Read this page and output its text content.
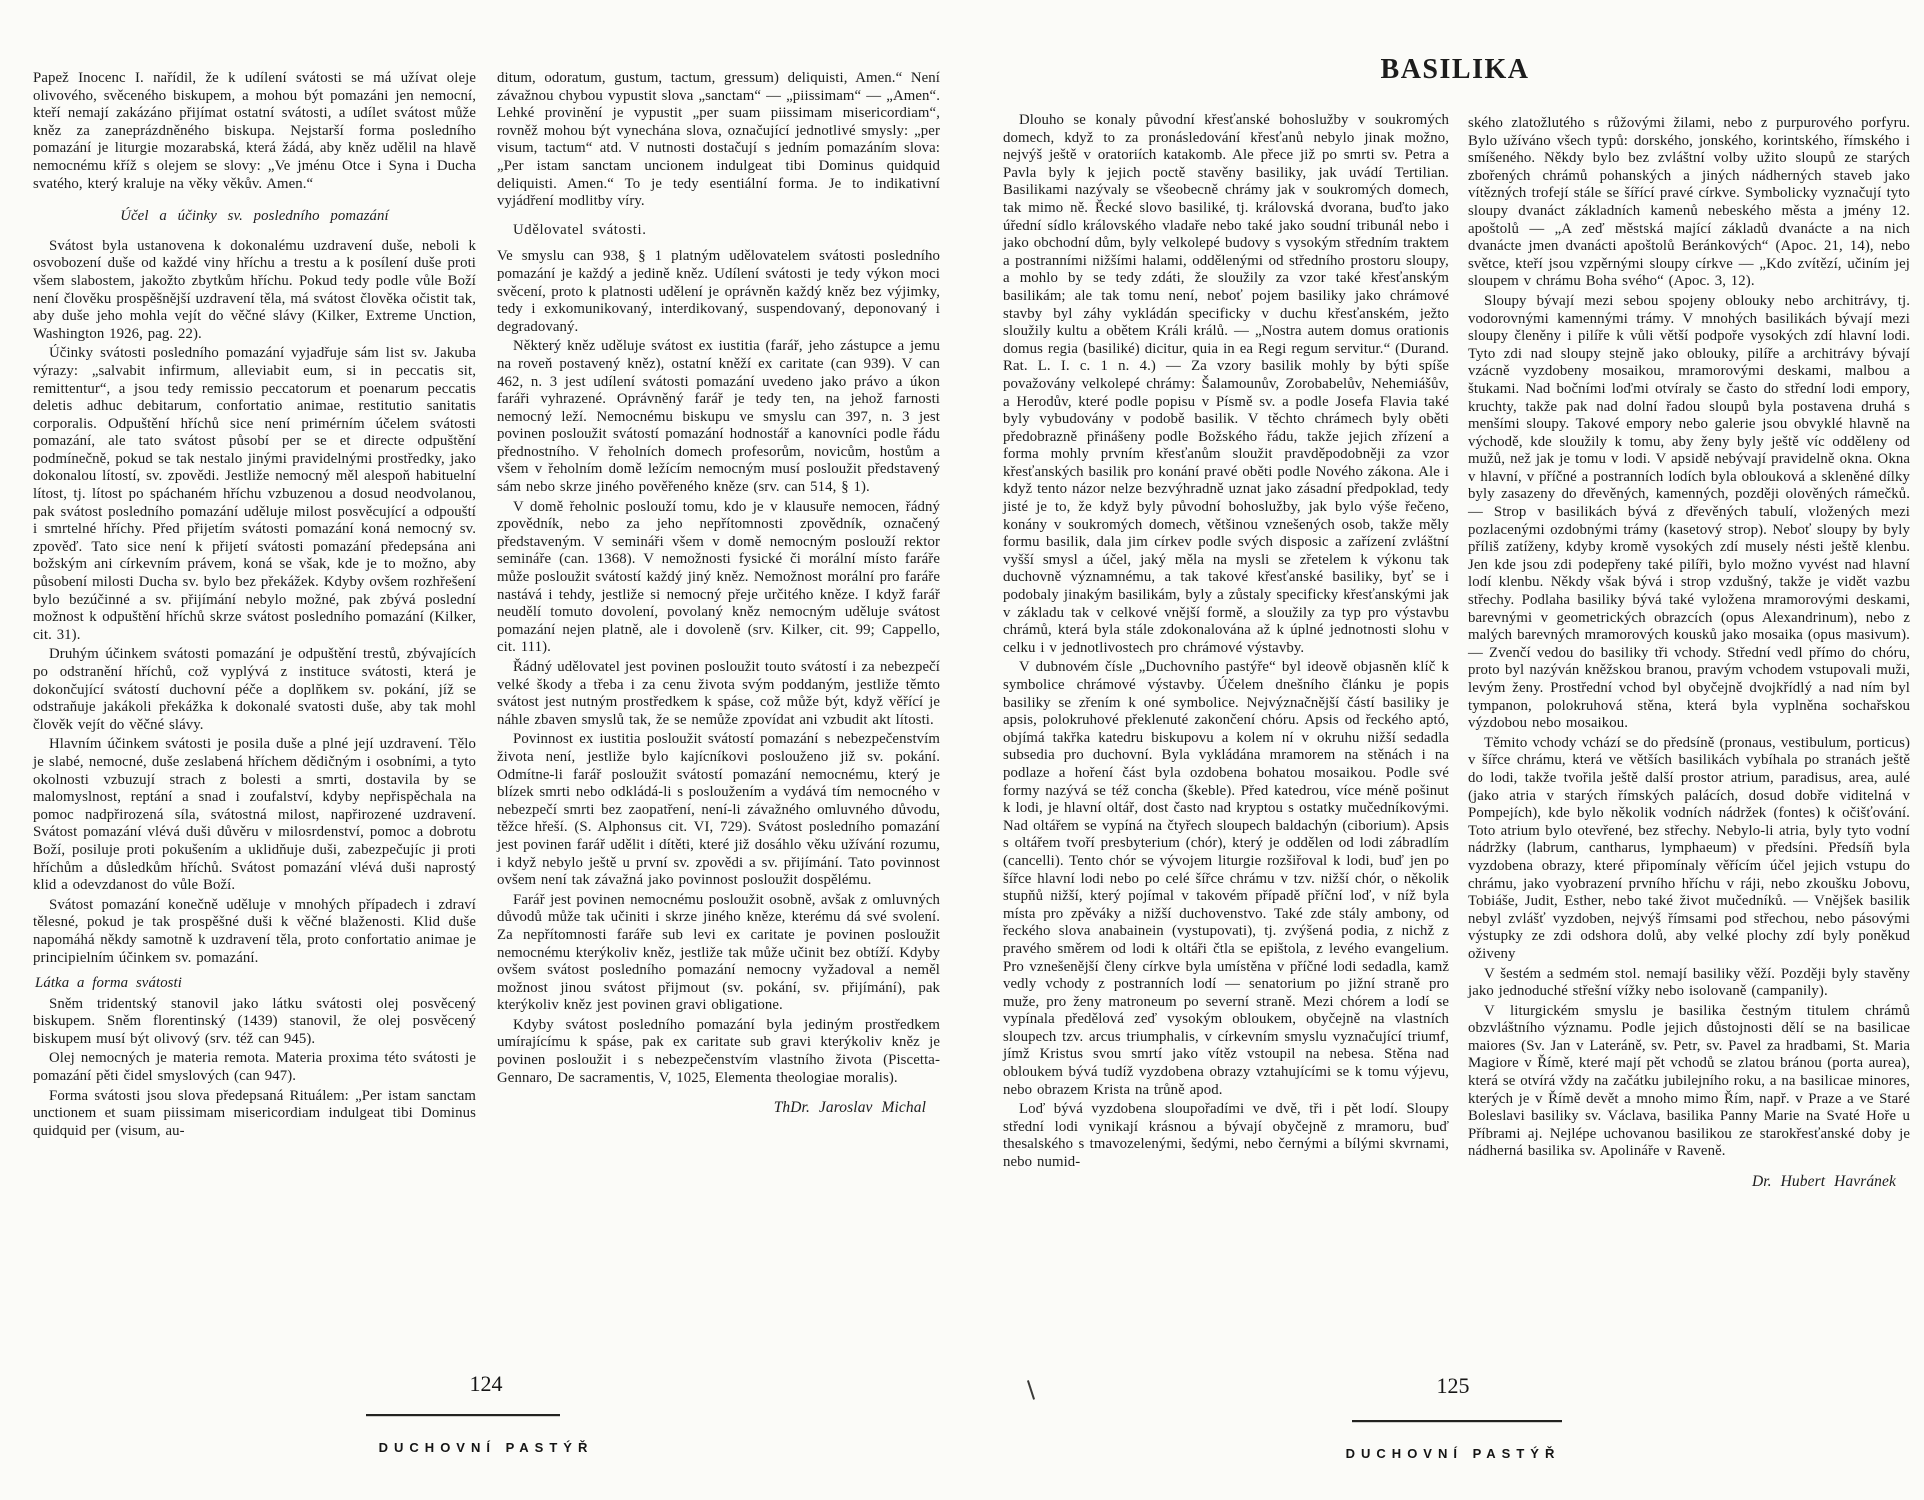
Papež Inocenc I. nařídil, že k udílení svátosti se má užívat oleje olivového, svěceného biskupem, a mohou být pomazáni jen nemocní, kteří nemají zakázáno přijímat ostatní svátosti, a udílet svátost může kněz za zaneprázdněného biskupa. Nejstarší forma posledního pomazání je liturgie mozarabská, která žádá, aby kněz udělil na hlavě nemocnému kříž s olejem se slovy: „Ve jménu Otce i Syna i Ducha svatého, který kraluje na věky věkův. Amen.“

Účel a účinky sv. posledního pomazání

Svátost byla ustanovena k dokonalému uzdravení duše, neboli k osvobození duše od každé viny hříchu a trestu a k posílení duše proti všem slabostem, jakožto zbytkům hříchu. Pokud tedy podle vůle Boží není člověku prospěšnější uzdravení těla, má svátost člověka očistit tak, aby duše jeho mohla vejít do věčné slávy (Kilker, Extreme Unction, Washington 1926, pag. 22).

Účinky svátosti posledního pomazání vyjadřuje sám list sv. Jakuba výrazy: „salvabit infirmum, alleviabit eum, si in peccatis sit, remittentur“, a jsou tedy remissio peccatorum et poenarum peccatis deletis adhuc debitarum, confortatio animae, restitutio sanitatis corporalis. Odpuštění hříchů sice není primérním účelem svátosti pomazání, ale tato svátost působí per se et directe odpuštění podmínečně, pokud se tak nestalo jinými pravidelnými prostředky, jako dokonalou lítostí, sv. zpovědi. Jestliže nemocný měl alespoň habituelní lítost, tj. lítost po spáchaném hříchu vzbuzenou a dosud neodvolanou, pak svátost posledního pomazání uděluje milost posvěcující a odpouští i smrtelné hříchy. Před přijetím svátosti pomazání koná nemocný sv. zpověď. Tato sice není k přijetí svátosti pomazání předepsána ani božským ani církevním právem, koná se však, kde je to možno, aby působení milosti Ducha sv. bylo bez překážek. Kdyby ovšem rozhřešení bylo bezúčinné a sv. přijímání nebylo možné, pak zbývá poslední možnost k odpuštění hříchů skrze svátost posledního pomazání (Kilker, cit. 31).

Druhým účinkem svátosti pomazání je odpuštění trestů, zbývajících po odstranění hříchů, což vyplývá z instituce svátosti, která je dokončující svátostí duchovní péče a doplňkem sv. pokání, jíž se odstraňuje jakákoli překážka k dokonalé svatosti duše, aby tak mohl člověk vejít do věčné slávy.

Hlavním účinkem svátosti je posila duše a plné její uzdravení. Tělo je slabé, nemocné, duše zeslabená hříchem dědičným i osobními, a tyto okolnosti vzbuzují strach z bolesti a smrti, dostavila by se malomyslnost, reptání a snad i zoufalství, kdyby nepřispěchala na pomoc nadpřirozená síla, svátostná milost, napřirozené uzdravení. Svátost pomazání vlévá duši důvěru v milosrdenství, pomoc a dobrotu Boží, posiluje proti pokušením a uklidňuje duši, zabezpečujíc ji proti hříchům a důsledkům hříchů. Svátost pomazání vlévá duši naprostý klid a odevzdanost do vůle Boží.

Svátost pomazání konečně uděluje v mnohých případech i zdraví tělesné, pokud je tak prospěšné duši k věčné blaženosti. Klid duše napomáhá někdy samotně k uzdravení těla, proto confortatio animae je principielním účinkem sv. pomazání.

Látka a forma svátosti

Sněm tridentský stanovil jako látku svátosti olej posvěcený biskupem. Sněm florentinský (1439) stanovil, že olej posvěcený biskupem musí být olivový (srv. též can 945).

Olej nemocných je materia remota. Materia proxima této svátosti je pomazání pěti čidel smyslových (can 947).

Forma svátosti jsou slova předepsaná Rituálem: „Per istam sanctam unctionem et suam piissimam misericordiam indulgeat tibi Dominus quidquid per (visum, au-

ditum, odoratum, gustum, tactum, gressum) deliquisti, Amen.“ Není závažnou chybou vypustit slova „sanctam“ — „piissimam“ — „Amen“. Lehké provinění je vypustit „per suam piissimam misericordiam“, rovněž mohou být vynechána slova, označující jednotlivé smysly: „per visum, tactum“ atd. V nutnosti dostačují s jedním pomazáním slova: „Per istam sanctam uncionem indulgeat tibi Dominus quidquid deliquisti. Amen.“ To je tedy esentiální forma. Je to indikativní vyjádření modlitby víry.

Udělovatel svátosti.

Ve smyslu can 938, § 1 platným udělovatelem svátosti posledního pomazání je každý a jedině kněz. Udílení svátosti je tedy výkon moci svěcení, proto k platnosti udělení je oprávněn každý kněz bez výjimky, tedy i exkomunikovaný, interdikovaný, suspendovaný, deponovaný i degradovaný.

Některý kněz uděluje svátost ex iustitia (farář, jeho zástupce a jemu na roveň postavený kněz), ostatní kněží ex caritate (can 939). V can 462, n. 3 jest udílení svátosti pomazání uvedeno jako právo a úkon faráři vyhrazené. Oprávněný farář je tedy ten, na jehož farnosti nemocný leží. Nemocnému biskupu ve smyslu can 397, n. 3 jest povinen posloužit svátostí pomazání hodnostář a kanovníci podle řádu přednostního. V řeholních domech profesorům, novicům, hostům a všem v řeholním domě ležícím nemocným musí posloužit představený sám nebo skrze jiného pověřeného kněze (srv. can 514, § 1).

V domě řeholnic poslouží tomu, kdo je v klausuře nemocen, řádný zpovědník, nebo za jeho nepřítomnosti zpovědník, označený představeným. V semináři všem v domě nemocným poslouží rektor semináře (can. 1368). V nemožnosti fysické či morální místo faráře může posloužit svátostí každý jiný kněz. Nemožnost morální pro faráře nastává i tehdy, jestliže si nemocný přeje určitého kněze. I když farář neudělí tomuto dovolení, povolaný kněz nemocným uděluje svátost pomazání nejen platně, ale i dovoleně (srv. Kilker, cit. 99; Cappello, cit. 111).

Řádný udělovatel jest povinen posloužit touto svátostí i za nebezpečí velké škody a třeba i za cenu života svým poddaným, jestliže těmto svátost jest nutným prostředkem k spáse, což může být, když věřící je náhle zbaven smyslů tak, že se nemůže zpovídat ani vzbudit akt lítosti.

Povinnost ex iustitia posloužit svátostí pomazání s nebezpečenstvím života není, jestliže bylo kajícníkovi poslouženo již sv. pokání. Odmítne-li farář posloužit svátostí pomazání nemocnému, který je blízek smrti nebo odkládá-li s posloužením a vydává tím nemocného v nebezpečí smrti bez zaopatření, není-li závažného omluvného důvodu, těžce hřeší. (S. Alphonsus cit. VI, 729). Svátost posledního pomazání jest povinen farář udělit i dítěti, které již dosáhlo věku užívání rozumu, i když nebylo ještě u první sv. zpovědi a sv. přijímání. Tato povinnost ovšem není tak závažná jako povinnost posloužit dospělému.

Farář jest povinen nemocnému posloužit osobně, avšak z omluvných důvodů může tak učiniti i skrze jiného kněze, kterému dá své svolení. Za nepřítomnosti faráře sub levi ex caritate je povinen posloužit nemocnému kterýkoliv kněz, jestliže tak může učinit bez obtíží. Kdyby ovšem svátost posledního pomazání nemocny vyžadoval a neměl možnost jinou svátost přijmout (sv. pokání, sv. přijímání), pak kterýkoliv kněz jest povinen gravi obligatione.

Kdyby svátost posledního pomazání byla jediným prostředkem umírajícímu k spáse, pak ex caritate sub gravi kterýkoliv kněz je povinen posloužit i s nebezpečenstvím vlastního života (Piscetta-Gennaro, De sacramentis, V, 1025, Elementa theologiae moralis).

ThDr. Jaroslav Michal

124
DUCHOVNÍ PASTÝŘ
BASILIKA

Dlouho se konaly původní křesťanské bohoslužby v soukromých domech, když to za pronásledování křesťanů nebylo jinak možno, nejvýš ještě v oratoriích katakomb. Ale přece již po smrti sv. Petra a Pavla byly k jejich poctě stavěny basiliky, jak uvádí Tertilian. Basilikami nazývaly se všeobecně chrámy jak v soukromých domech, tak mimo ně. Řecké slovo basiliké, tj. královská dvorana, buďto jako úřední sídlo královského vladaře nebo také jako soudní tribunál nebo i jako obchodní dům, byly velkolepé budovy s vysokým středním traktem a postranními nižšími halami, oddělenými od středního prostoru sloupy, a mohlo by se tedy zdáti, že sloužily za vzor také křesťanským basilikám; ale tak tomu není, neboť pojem basiliky jako chrámové stavby byl záhy vykládán specificky v duchu křesťanském, ježto sloužily kultu a obětem Králi králů. — „Nostra autem domus orationis domus regia (basiliké) dicitur, quia in ea Regi regum servitur.“ (Durand. Rat. L. I. c. 1 n. 4.) — Za vzory basilik mohly by býti spíše považovány velkolepé chrámy: Šalamounův, Zorobabelův, Nehemiášův, a Herodův, které podle popisu v Písmě sv. a podle Josefa Flavia také byly vybudovány v podobě basilik. V těchto chrámech byly oběti předobrazně přinášeny podle Božského řádu, takže jejich zřízení a forma mohly prvním křesťanům sloužit pravděpodobněji za vzor křesťanských basilik pro konání pravé oběti podle Nového zákona. Ale i když tento názor nelze bezvýhradně uznat jako zásadní předpoklad, tedy jisté je to, že když byly původní bohoslužby, jak bylo výše řečeno, konány v soukromých domech, většinou vznešených osob, takže měly formu basilik, dala jim církev podle svých disposic a zařízení zvláštní vyšší smysl a účel, jaký měla na mysli se zřetelem k výkonu tak duchovně významnému, a tak takové křesťanské basiliky, byť se i podobaly jinakým basilikám, byly a zůstaly specificky křesťanskými jak v základu tak v celkové vnější formě, a sloužily za typ pro výstavbu chrámů, která byla stále zdokonalována až k úplné jednotnosti slohu v celku i v jednotlivostech pro chrámové výstavby.

V dubnovém čísle „Duchovního pastýře“ byl ideově objasněn klíč k symbolice chrámové výstavby. Účelem dnešního článku je popis basiliky se zřením k oné symbolice. Nejvýznačnější částí basiliky je apsis, polokruhové překlenuté zakončení chóru. Apsis od řeckého aptó, objímá takřka katedru biskupovu a kolem ní v okruhu nižší sedadla subsedia pro duchovní. Byla vykládána mramorem na stěnách i na podlaze a hoření část byla ozdobena bohatou mosaikou. Podle své formy nazývá se též concha (škeble). Před katedrou, více méně pošinut k lodi, je hlavní oltář, dost často nad kryptou s ostatky mučedníkovými. Nad oltářem se vypíná na čtyřech sloupech baldachýn (ciborium). Apsis s oltářem tvoří presbyterium (chór), který je oddělen od lodi zábradlím (cancelli). Tento chór se vývojem liturgie rozšiřoval k lodi, buď jen po šířce hlavní lodi nebo po celé šířce chrámu v tzv. nižší chór, o několik stupňů nižší, který pojímal v takovém případě příční loď, v níž byla místa pro zpěváky a nižší duchovenstvo. Také zde stály ambony, od řeckého slova anabainein (vystupovati), tj. zvýšená podia, z nichž z pravého směrem od lodi k oltáři čtla se epištola, z levého evangelium. Pro vznešenější členy církve byla umístěna v příčné lodi sedadla, kamž vedly vchody z postranních lodí — senatorium po jižní straně pro muže, pro ženy matroneum po severní straně. Mezi chórem a lodí se vypínala předělová zeď vysokým obloukem, obyčejně na vlastních sloupech tzv. arcus triumphalis, v církevním smyslu vyznačující triumf, jímž Kristus svou smrtí jako vítěz vstoupil na nebesa. Stěna nad obloukem bývá tudíž vyzdobena obrazy vztahujícími se k tomu výjevu, nebo obrazem Krista na trůně apod.

Loď bývá vyzdobena sloupořadími ve dvě, tři i pět lodí. Sloupy střední lodi vynikají krásnou a bývají obyčejně z mramoru, buď thesalského s tmavozelenými, šedými, nebo černými a bílými skvrnami, nebo numid-

ského zlatožlutého s růžovými žilami, nebo z purpurového porfyru. Bylo užíváno všech typů: dorského, jonského, korintského, římského i smíšeného. Někdy bylo bez zvláštní volby užito sloupů ze starých zbořených chrámů pohanských a jiných nádherných staveb jako vítězných trofejí stále se šířící pravé církve. Symbolicky vyznačují tyto sloupy dvanáct základních kamenů nebeského města a jmény 12. apoštolů — „A zeď městská mající základů dvanácte a na nich dvanácte jmen dvanácti apoštolů Beránkových“ (Apoc. 21, 14), nebo světce, kteří jsou vzpěrnými sloupy církve — „Kdo zvítězí, učiním jej sloupem v chrámu Boha svého“ (Apoc. 3, 12).

Sloupy bývají mezi sebou spojeny oblouky nebo architrávy, tj. vodorovnými kamennými trámy. V mnohých basilikách bývají mezi sloupy členěny i pilíře k vůli větší podpoře vysokých zdí hlavní lodi. Tyto zdi nad sloupy stejně jako oblouky, pilíře a architrávy bývají vzácně vyzdobeny mosaikou, mramorovými deskami, malbou a štukami. Nad bočními loďmi otvíraly se často do střední lodi empory, kruchty, takže pak nad dolní řadou sloupů byla postavena druhá s menšími sloupy. Takové empory nebo galerie jsou obvyklé hlavně na východě, kde sloužily k tomu, aby ženy byly ještě víc odděleny od mužů, než jak je tomu v lodi. V apsidě nebývají pravidelně okna. Okna v hlavní, v příčné a postranních lodích byla oblouková a skleněné dílky byly zasazeny do dřevěných, kamenných, později olověných rámečků. — Strop v basilikách bývá z dřevěných tabulí, vložených mezi pozlacenými ozdobnými trámy (kasetový strop). Neboť sloupy by byly příliš zatíženy, kdyby kromě vysokých zdí musely nésti ještě klenbu. Jen kde jsou zdi podepřeny také pilíři, bylo možno vyvést nad hlavní lodí klenbu. Někdy však bývá i strop vzdušný, takže je vidět vazbu střechy. Podlaha basiliky bývá také vyložena mramorovými deskami, barevnými v geometrických obrazcích (opus Alexandrinum), nebo z malých barevných mramorových kousků jako mosaika (opus masivum). — Zvenčí vedou do basiliky tři vchody. Střední vedl přímo do chóru, proto byl nazýván kněžskou branou, pravým vchodem vstupovali muži, levým ženy. Prostřední vchod byl obyčejně dvojkřídlý a nad ním byl tympanon, polokruhová stěna, která byla vyplněna sochařskou výzdobou nebo mosaikou.

Těmito vchody vchází se do předsíně (pronaus, vestibulum, porticus) v šířce chrámu, která ve větších basilikách vybíhala po stranách ještě do lodi, takže tvořila ještě další prostor atrium, paradisus, area, aulé (jako atria v starých římských palácích, dosud dobře viditelná v Pompejích), kde bylo několik vodních nádržek (fontes) k očišťování. Toto atrium bylo otevřené, bez střechy. Nebylo-li atria, byly tyto vodní nádržky (labrum, cantharus, lymphaeum) v předsíni. Předsíň byla vyzdobena obrazy, které připomínaly věřícím účel jejich vstupu do chrámu, jako vyobrazení prvního hříchu v ráji, nebo zkoušku Jobovu, Tobiáše, Judit, Esther, nebo také život mučedníků. — Vnějšek basilik nebyl zvlášť vyzdoben, nejvýš římsami pod střechou, nebo pásovými výstupky ze zdi odshora dolů, aby velké plochy zdí byly poněkud oživeny

V šestém a sedmém stol. nemají basiliky věží. Později byly stavěny jako jednoduché střešní vížky nebo isolovaně (campanily).

V liturgickém smyslu je basilika čestným titulem chrámů obzvláštního významu. Podle jejich důstojnosti dělí se na basilicae maiores (Sv. Jan v Lateráně, sv. Petr, sv. Pavel za hradbami, St. Maria Magiore v Římě, které mají pět vchodů se zlatou bránou (porta aurea), která se otvírá vždy na začátku jubilejního roku, a na basilicae minores, kterých je v Římě devět a mnoho mimo Řím, např. v Praze a ve Staré Boleslavi basiliky sv. Václava, basilika Panny Marie na Svaté Hoře u Příbrami aj. Nejlépe uchovanou basilikou ze starokřesťanské doby je nádherná basilika sv. Apolináře v Raveně.

Dr. Hubert Havránek

125
DUCHOVNÍ PASTÝŘ
